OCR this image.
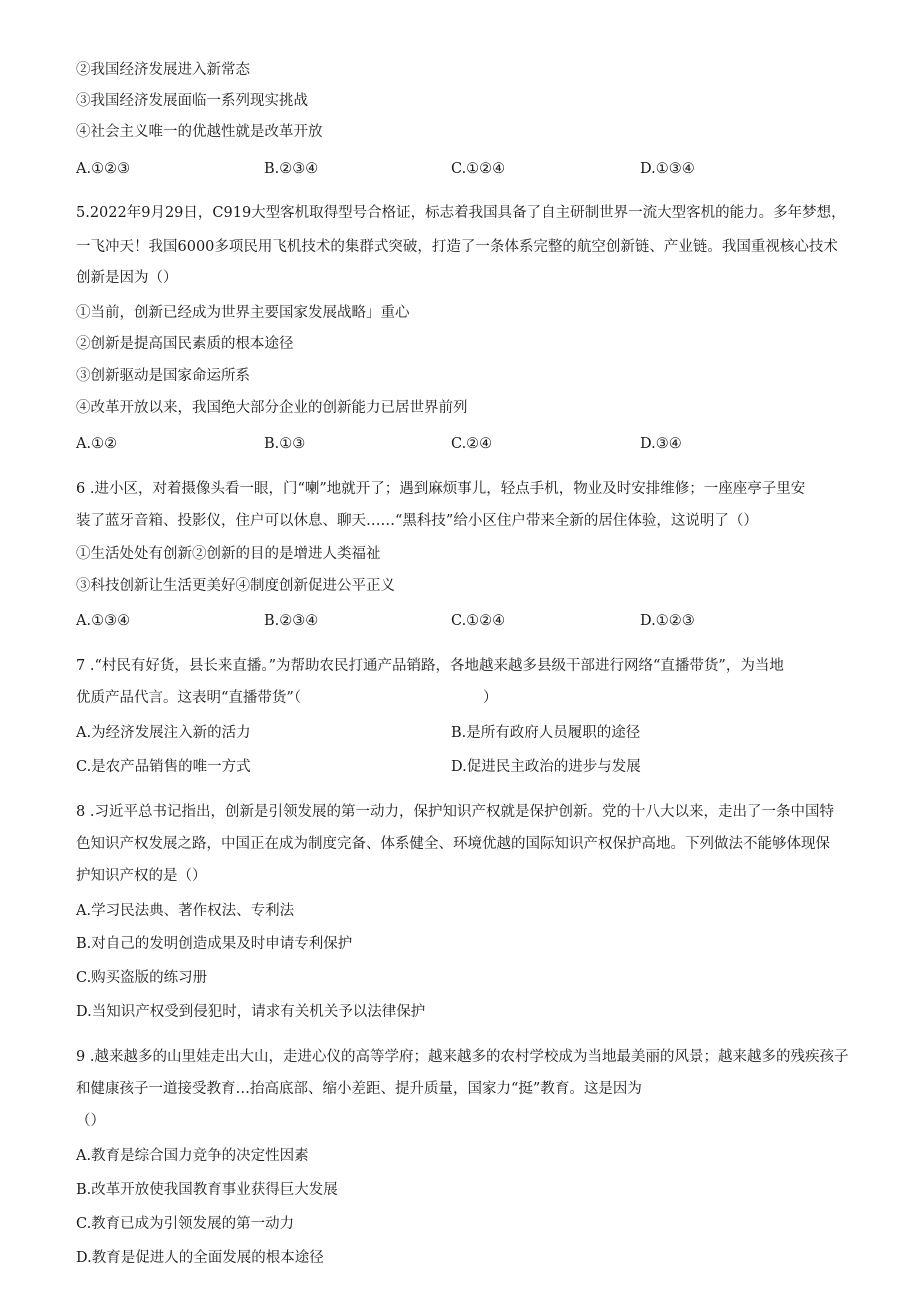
②我国经济发展进入新常态
③我国经济发展面临一系列现实挑战
④社会主义唯一的优越性就是改革开放
A.①②③	B.②③④	C.①②④	D.①③④
5.2022年9月29日，C919大型客机取得型号合格证，标志着我国具备了自主研制世界一流大型客机的能力。多年梦想，
一飞冲天！我国6000多项民用飞机技术的集群式突破，打造了一条体系完整的航空创新链、产业链。我国重视核心技术
创新是因为（）
①当前，创新已经成为世界主要国家发展战略」重心
②创新是提高国民素质的根本途径
③创新驱动是国家命运所系
④改革开放以来，我国绝大部分企业的创新能力已居世界前列
A.①②	B.①③	C.②④	D.③④
6 .进小区，对着摄像头看一眼，门“喇”地就开了；遇到麻烦事儿，轻点手机，物业及时安排维修；一座座亭子里安
装了蓝牙音箱、投影仪，住户可以休息、聊天……“黑科技”给小区住户带来全新的居住体验，这说明了（）
①生活处处有创新②创新的目的是增进人类福祉
③科技创新让生活更美好④制度创新促进公平正义
A.①③④	B.②③④	C.①②④	D.①②③
7 .“村民有好货，县长来直播。”为帮助农民打通产品销路，各地越来越多县级干部进行网络“直播带货”，为当地
优质产品代言。这表明“直播带货”（	）
A.为经济发展注入新的活力	B.是所有政府人员履职的途径
C.是农产品销售的唯一方式	D.促进民主政治的进步与发展
8 .习近平总书记指出，创新是引领发展的第一动力，保护知识产权就是保护创新。党的十八大以来，走出了一条中国特
色知识产权发展之路，中国正在成为制度完备、体系健全、环境优越的国际知识产权保护高地。下列做法不能够体现保
护知识产权的是（）
A.学习民法典、著作权法、专利法
B.对自己的发明创造成果及时申请专利保护
C.购买盗版的练习册
D.当知识产权受到侵犯时，请求有关机关予以法律保护
9 .越来越多的山里娃走出大山，走进心仪的高等学府；越来越多的农村学校成为当地最美丽的风景；越来越多的残疾孩子
和健康孩子一道接受教育…抬高底部、缩小差距、提升质量，国家力“挺”教育。这是因为
（）
A.教育是综合国力竞争的决定性因素
B.改革开放使我国教育事业获得巨大发展
C.教育已成为引领发展的第一动力
D.教育是促进人的全面发展的根本途径
